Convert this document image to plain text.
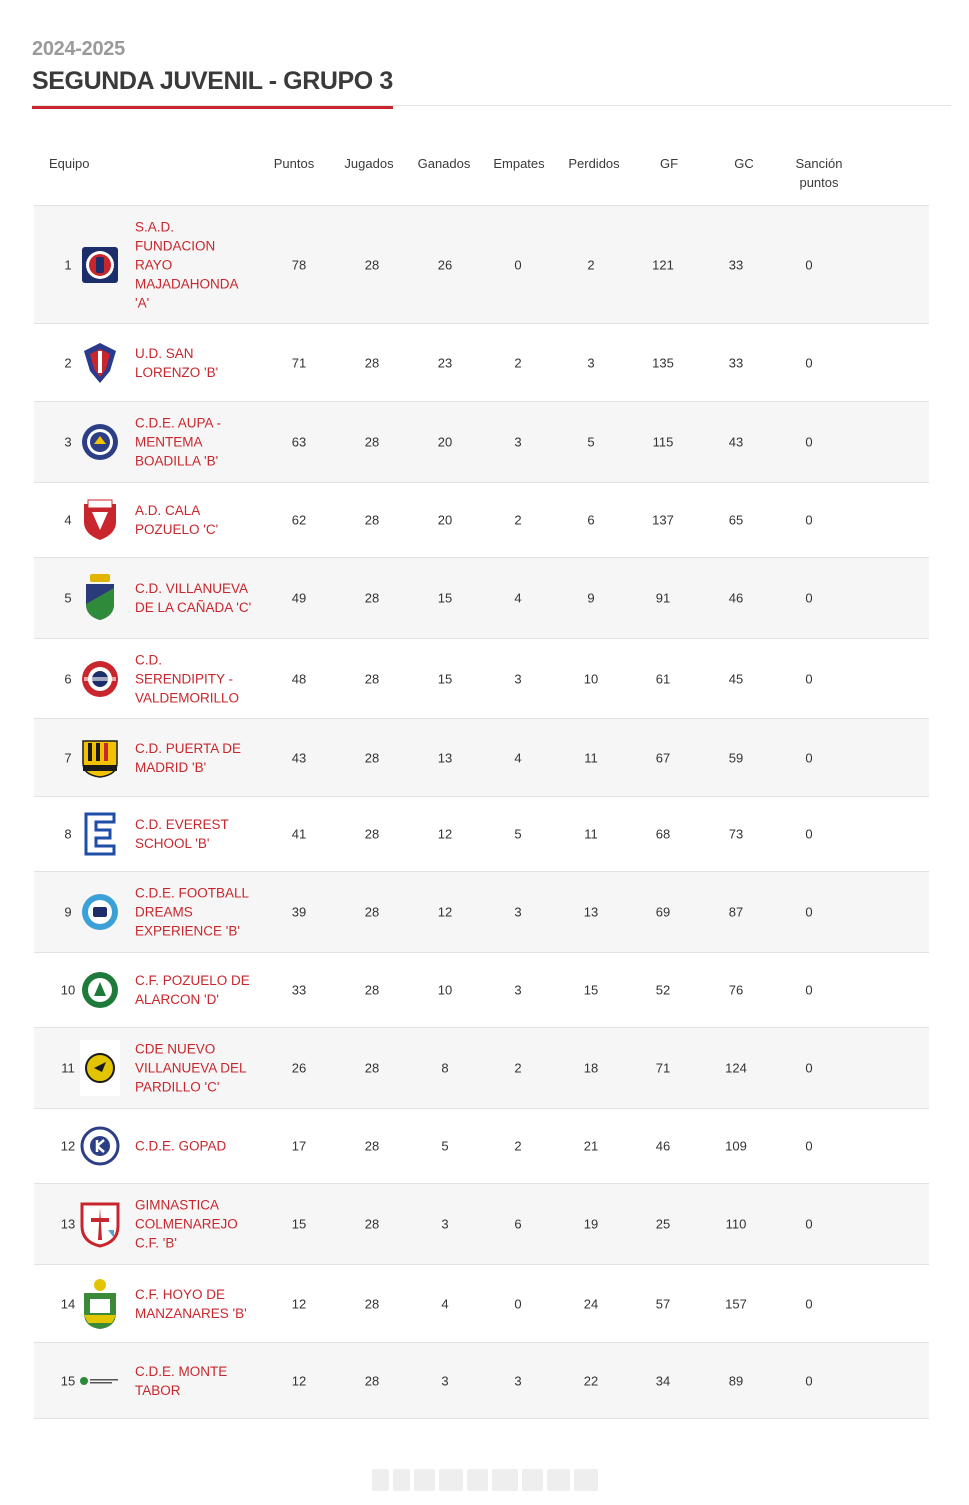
2024-2025
SEGUNDA JUVENIL - GRUPO 3
Equipo	Puntos	Jugados	Ganados	Empates	Perdidos	GF	GC	Sanción
puntos
1
S.A.D. FUNDACION RAYO MAJADAHONDA 'A'
78	28	26	0	2	121	33	0
2
U.D. SAN LORENZO 'B'
71	28	23	2	3	135	33	0
3
C.D.E. AUPA - MENTEMA BOADILLA 'B'
63	28	20	3	5	115	43	0
4
A.D. CALA POZUELO 'C'
62	28	20	2	6	137	65	0
5
C.D. VILLANUEVA DE LA CAÑADA 'C'
49	28	15	4	9	91	46	0
6
C.D. SERENDIPITY - VALDEMORILLO
48	28	15	3	10	61	45	0
7
C.D. PUERTA DE MADRID 'B'
43	28	13	4	11	67	59	0
8
C.D. EVEREST SCHOOL 'B'
41	28	12	5	11	68	73	0
9
C.D.E. FOOTBALL DREAMS EXPERIENCE 'B'
39	28	12	3	13	69	87	0
10
C.F. POZUELO DE ALARCON 'D'
33	28	10	3	15	52	76	0
11
CDE NUEVO VILLANUEVA DEL PARDILLO 'C'
26	28	8	2	18	71	124	0
12	C.D.E. GOPAD	17	28	5	2	21	46	109	0
13
GIMNASTICA COLMENAREJO C.F. 'B'
15	28	3	6	19	25	110	0
14
C.F. HOYO DE MANZANARES 'B'
12	28	4	0	24	57	157	0
15
C.D.E. MONTE TABOR
12	28	3	3	22	34	89	0
